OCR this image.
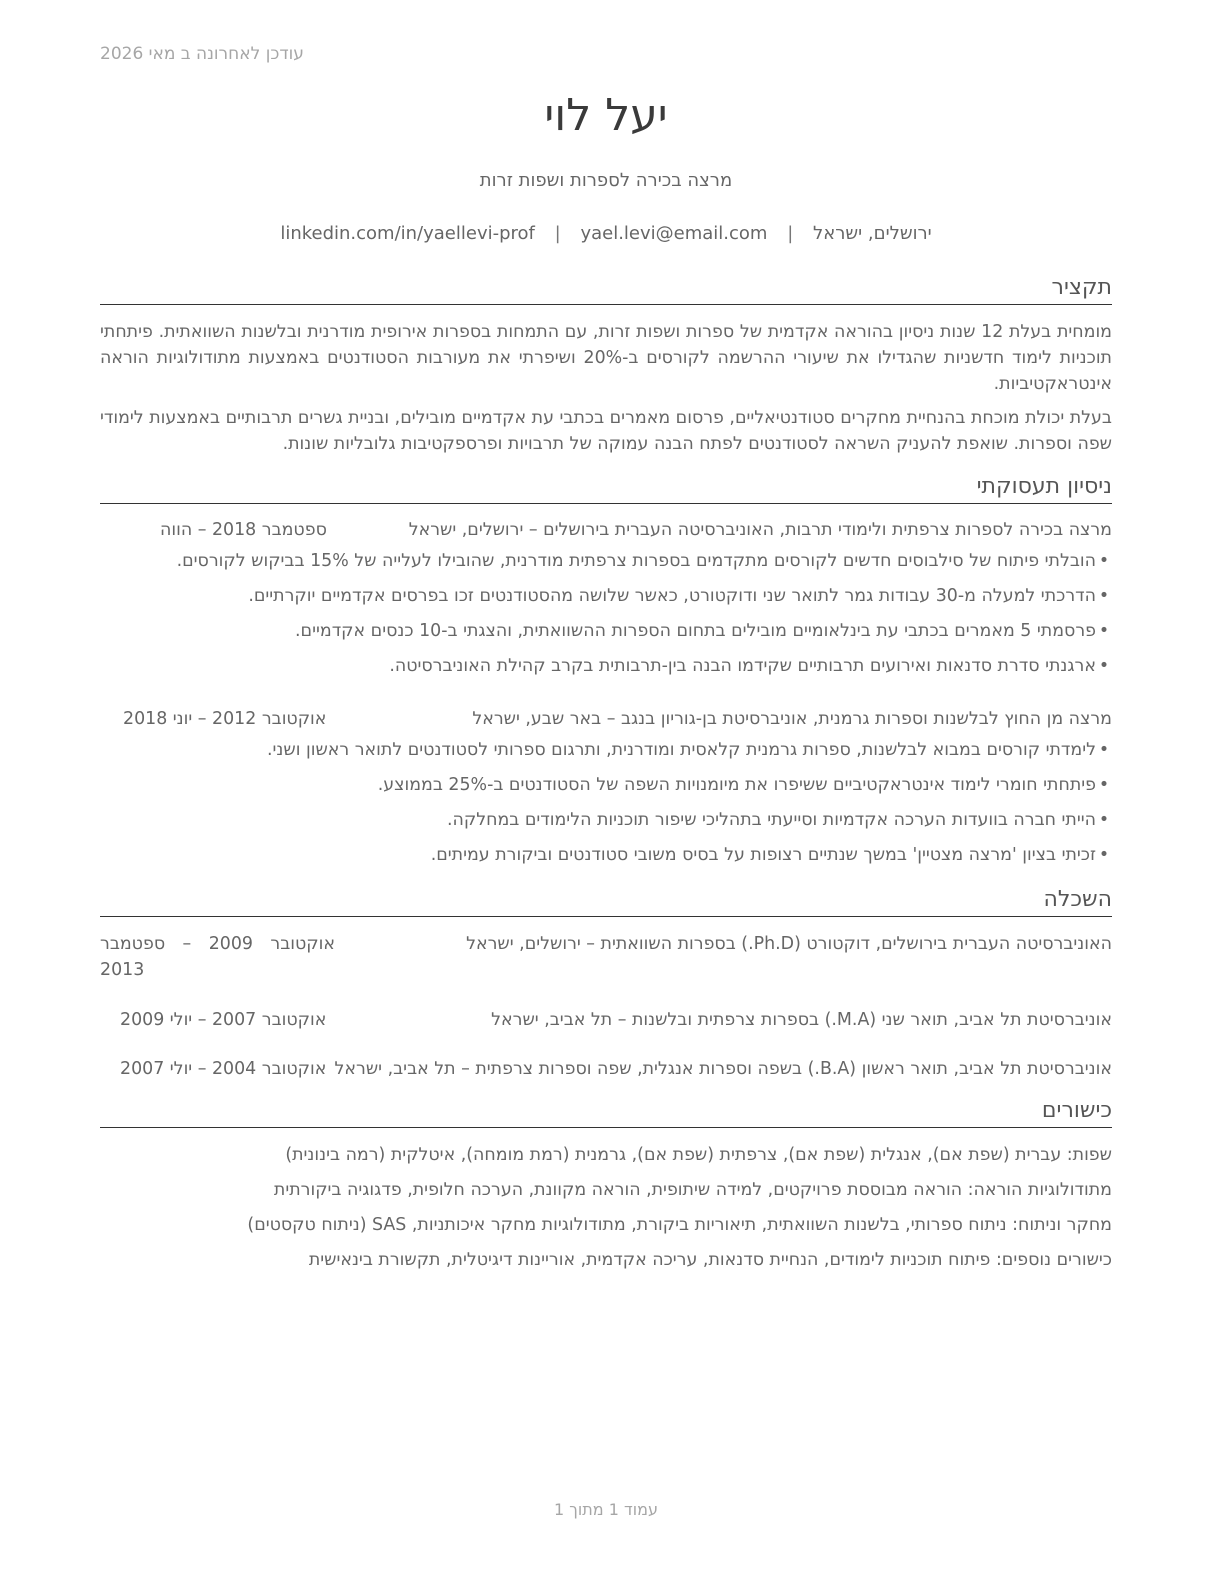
עודכן לאחרונה ב מאי 2026
יעל לוי
מרצה בכירה לספרות ושפות זרות
ירושלים, ישראל | yael.levi@email.com | linkedin.com/in/yaellevi-prof
תקציר
מומחית בעלת 12 שנות ניסיון בהוראה אקדמית של ספרות ושפות זרות, עם התמחות בספרות אירופית מודרנית ובלשנות השוואתית. פיתחתי תוכניות לימוד חדשניות שהגדילו את שיעורי ההרשמה לקורסים ב-20% ושיפרתי את מעורבות הסטודנטים באמצעות מתודולוגיות הוראה אינטראקטיביות.
בעלת יכולת מוכחת בהנחיית מחקרים סטודנטיאליים, פרסום מאמרים בכתבי עת אקדמיים מובילים, ובניית גשרים תרבותיים באמצעות לימודי שפה וספרות. שואפת להעניק השראה לסטודנטים לפתח הבנה עמוקה של תרבויות ופרספקטיבות גלובליות שונות.
ניסיון תעסוקתי
מרצה בכירה לספרות צרפתית ולימודי תרבות, האוניברסיטה העברית בירושלים – ירושלים, ישראל
ספטמבר 2018 – הווה
•הובלתי פיתוח של סילבוסים חדשים לקורסים מתקדמים בספרות צרפתית מודרנית, שהובילו לעלייה של 15% בביקוש לקורסים.
•הדרכתי למעלה מ-30 עבודות גמר לתואר שני ודוקטורט, כאשר שלושה מהסטודנטים זכו בפרסים אקדמיים יוקרתיים.
•פרסמתי 5 מאמרים בכתבי עת בינלאומיים מובילים בתחום הספרות ההשוואתית, והצגתי ב-10 כנסים אקדמיים.
•ארגנתי סדרת סדנאות ואירועים תרבותיים שקידמו הבנה בין-תרבותית בקרב קהילת האוניברסיטה.
מרצה מן החוץ לבלשנות וספרות גרמנית, אוניברסיטת בן-גוריון בנגב – באר שבע, ישראל
אוקטובר 2012 – יוני 2018
•לימדתי קורסים במבוא לבלשנות, ספרות גרמנית קלאסית ומודרנית, ותרגום ספרותי לסטודנטים לתואר ראשון ושני.
•פיתחתי חומרי לימוד אינטראקטיביים ששיפרו את מיומנויות השפה של הסטודנטים ב-25% בממוצע.
•הייתי חברה בוועדות הערכה אקדמיות וסייעתי בתהליכי שיפור תוכניות הלימודים במחלקה.
•זכיתי בציון 'מרצה מצטיין' במשך שנתיים רצופות על בסיס משובי סטודנטים וביקורת עמיתים.
השכלה
האוניברסיטה העברית בירושלים, דוקטורט (Ph.D.) בספרות השוואתית – ירושלים, ישראל
אוקטובר 2009 – ספטמבר 2013
אוניברסיטת תל אביב, תואר שני (M.A.) בספרות צרפתית ובלשנות – תל אביב, ישראל
אוקטובר 2007 – יולי 2009
אוניברסיטת תל אביב, תואר ראשון (B.A.) בשפה וספרות אנגלית, שפה וספרות צרפתית – תל אביב, ישראל
אוקטובר 2004 – יולי 2007
כישורים
שפות: עברית (שפת אם), אנגלית (שפת אם), צרפתית (שפת אם), גרמנית (רמת מומחה), איטלקית (רמה בינונית)
מתודולוגיות הוראה: הוראה מבוססת פרויקטים, למידה שיתופית, הוראה מקוונת, הערכה חלופית, פדגוגיה ביקורתית
מחקר וניתוח: ניתוח ספרותי, בלשנות השוואתית, תיאוריות ביקורת, מתודולוגיות מחקר איכותניות, SAS (ניתוח טקסטים)
כישורים נוספים: פיתוח תוכניות לימודים, הנחיית סדנאות, עריכה אקדמית, אוריינות דיגיטלית, תקשורת בינאישית
עמוד 1 מתוך 1
